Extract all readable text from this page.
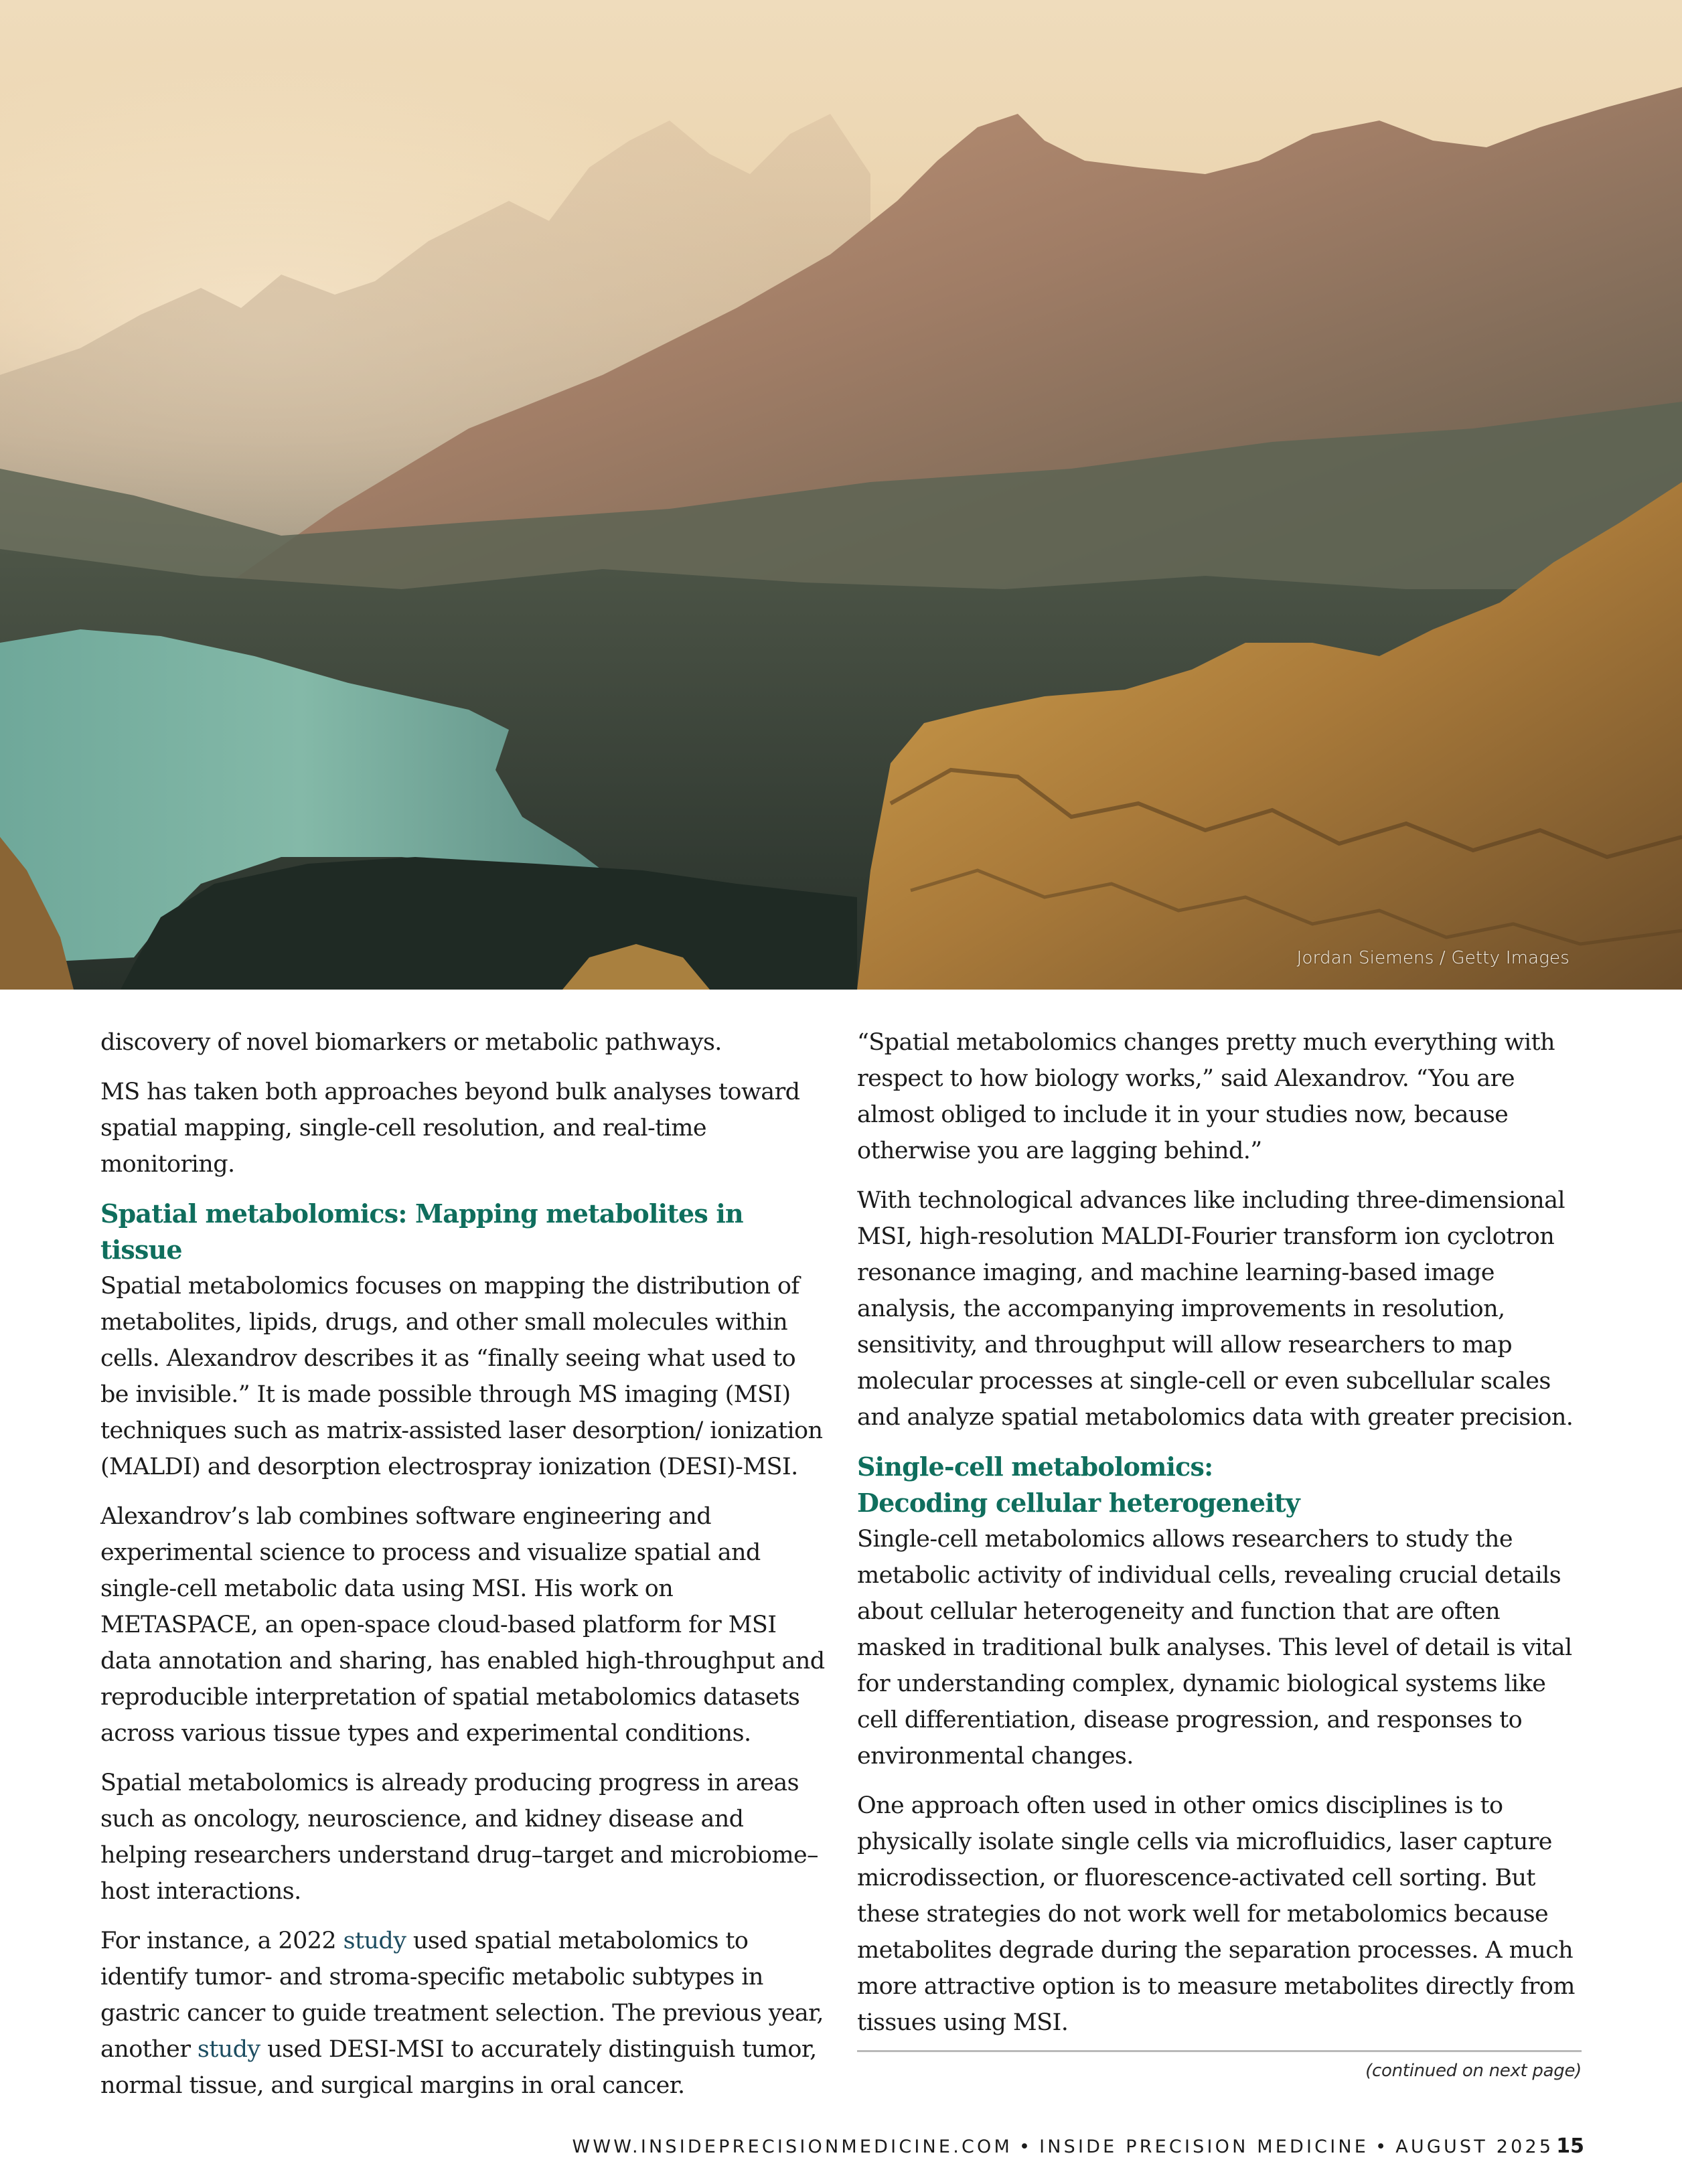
Jordan Siemens / Getty Images

discovery of novel biomarkers or metabolic pathways.

MS has taken both approaches beyond bulk analyses toward spatial mapping, single-cell resolution, and real-time monitoring.

Spatial metabolomics: Mapping metabolites in tissue

Spatial metabolomics focuses on mapping the distribution of metabolites, lipids, drugs, and other small molecules within cells. Alexandrov describes it as “finally seeing what used to be invisible.” It is made possible through MS imaging (MSI) techniques such as matrix-assisted laser desorption/ ionization (MALDI) and desorption electrospray ionization (DESI)-MSI.

Alexandrov’s lab combines software engineering and experimental science to process and visualize spatial and single-cell metabolic data using MSI. His work on METASPACE, an open-space cloud-based platform for MSI data annotation and sharing, has enabled high-throughput and reproducible interpretation of spatial metabolomics datasets across various tissue types and experimental conditions.

Spatial metabolomics is already producing progress in areas such as oncology, neuroscience, and kidney disease and helping researchers understand drug–target and microbiome–host interactions.

For instance, a 2022 study used spatial metabolomics to identify tumor- and stroma-specific metabolic subtypes in gastric cancer to guide treatment selection. The previous year, another study used DESI-MSI to accurately distinguish tumor, normal tissue, and surgical margins in oral cancer.

“Spatial metabolomics changes pretty much everything with respect to how biology works,” said Alexandrov. “You are almost obliged to include it in your studies now, because otherwise you are lagging behind.”

With technological advances like including three-dimensional MSI, high-resolution MALDI-Fourier transform ion cyclotron resonance imaging, and machine learning-based image analysis, the accompanying improvements in resolution, sensitivity, and throughput will allow researchers to map molecular processes at single-cell or even subcellular scales and analyze spatial metabolomics data with greater precision.

Single-cell metabolomics:
Decoding cellular heterogeneity

Single-cell metabolomics allows researchers to study the metabolic activity of individual cells, revealing crucial details about cellular heterogeneity and function that are often masked in traditional bulk analyses. This level of detail is vital for understanding complex, dynamic biological systems like cell differentiation, disease progression, and responses to environmental changes.

One approach often used in other omics disciplines is to physically isolate single cells via microfluidics, laser capture microdissection, or fluorescence-activated cell sorting. But these strategies do not work well for metabolomics because metabolites degrade during the separation processes. A much more attractive option is to measure metabolites directly from tissues using MSI.

(continued on next page)
WWW.INSIDEPRECISIONMEDICINE.COM • INSIDE PRECISION MEDICINE • AUGUST 2025 15
